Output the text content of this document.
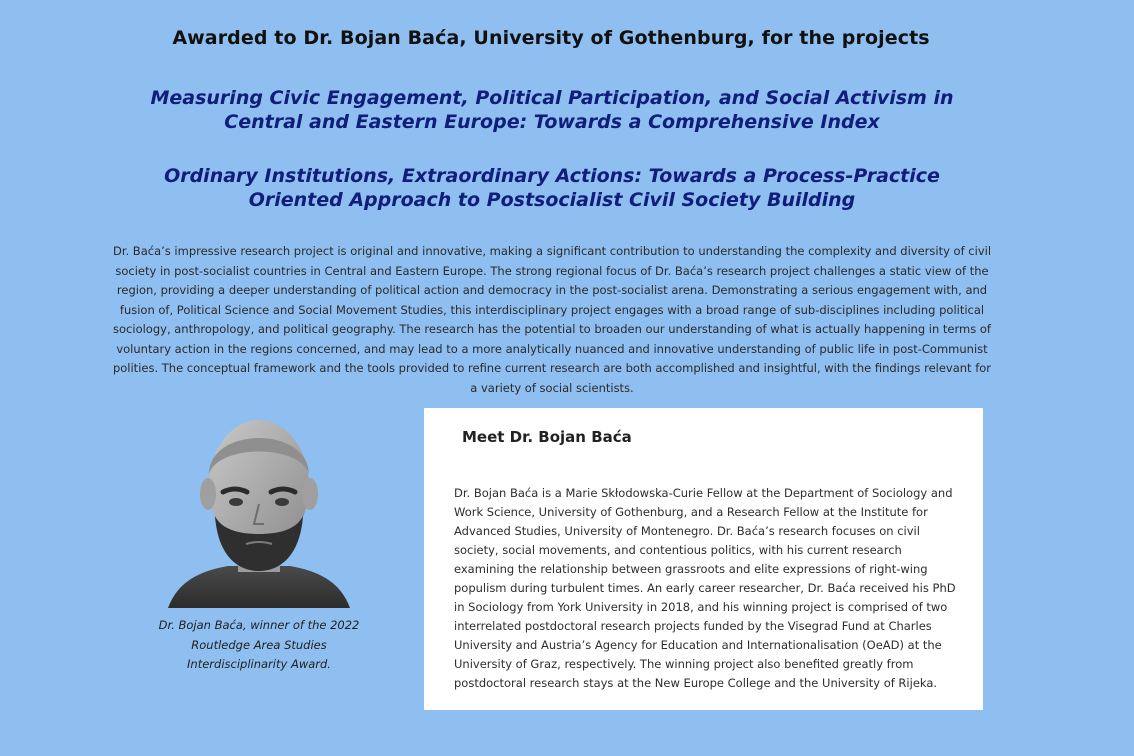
Awarded to Dr. Bojan Baća, University of Gothenburg, for the projects
Measuring Civic Engagement, Political Participation, and Social Activism in Central and Eastern Europe: Towards a Comprehensive Index
Ordinary Institutions, Extraordinary Actions: Towards a Process-Practice Oriented Approach to Postsocialist Civil Society Building
Dr. Baća’s impressive research project is original and innovative, making a significant contribution to understanding the complexity and diversity of civil society in post-socialist countries in Central and Eastern Europe. The strong regional focus of Dr. Baća’s research project challenges a static view of the region, providing a deeper understanding of political action and democracy in the post-socialist arena. Demonstrating a serious engagement with, and fusion of, Political Science and Social Movement Studies, this interdisciplinary project engages with a broad range of sub-disciplines including political sociology, anthropology, and political geography. The research has the potential to broaden our understanding of what is actually happening in terms of voluntary action in the regions concerned, and may lead to a more analytically nuanced and innovative understanding of public life in post-Communist polities. The conceptual framework and the tools provided to refine current research are both accomplished and insightful, with the findings relevant for a variety of social scientists.
Dr. Bojan Baća, winner of the 2022 Routledge Area Studies Interdisciplinarity Award.
Meet Dr. Bojan Baća
Dr. Bojan Baća is a Marie Skłodowska-Curie Fellow at the Department of Sociology and Work Science, University of Gothenburg, and a Research Fellow at the Institute for Advanced Studies, University of Montenegro. Dr. Baća’s research focuses on civil society, social movements, and contentious politics, with his current research examining the relationship between grassroots and elite expressions of right-wing populism during turbulent times. An early career researcher, Dr. Baća received his PhD in Sociology from York University in 2018, and his winning project is comprised of two interrelated postdoctoral research projects funded by the Visegrad Fund at Charles University and Austria’s Agency for Education and Internationalisation (OeAD) at the University of Graz, respectively. The winning project also benefited greatly from postdoctoral research stays at the New Europe College and the University of Rijeka.
